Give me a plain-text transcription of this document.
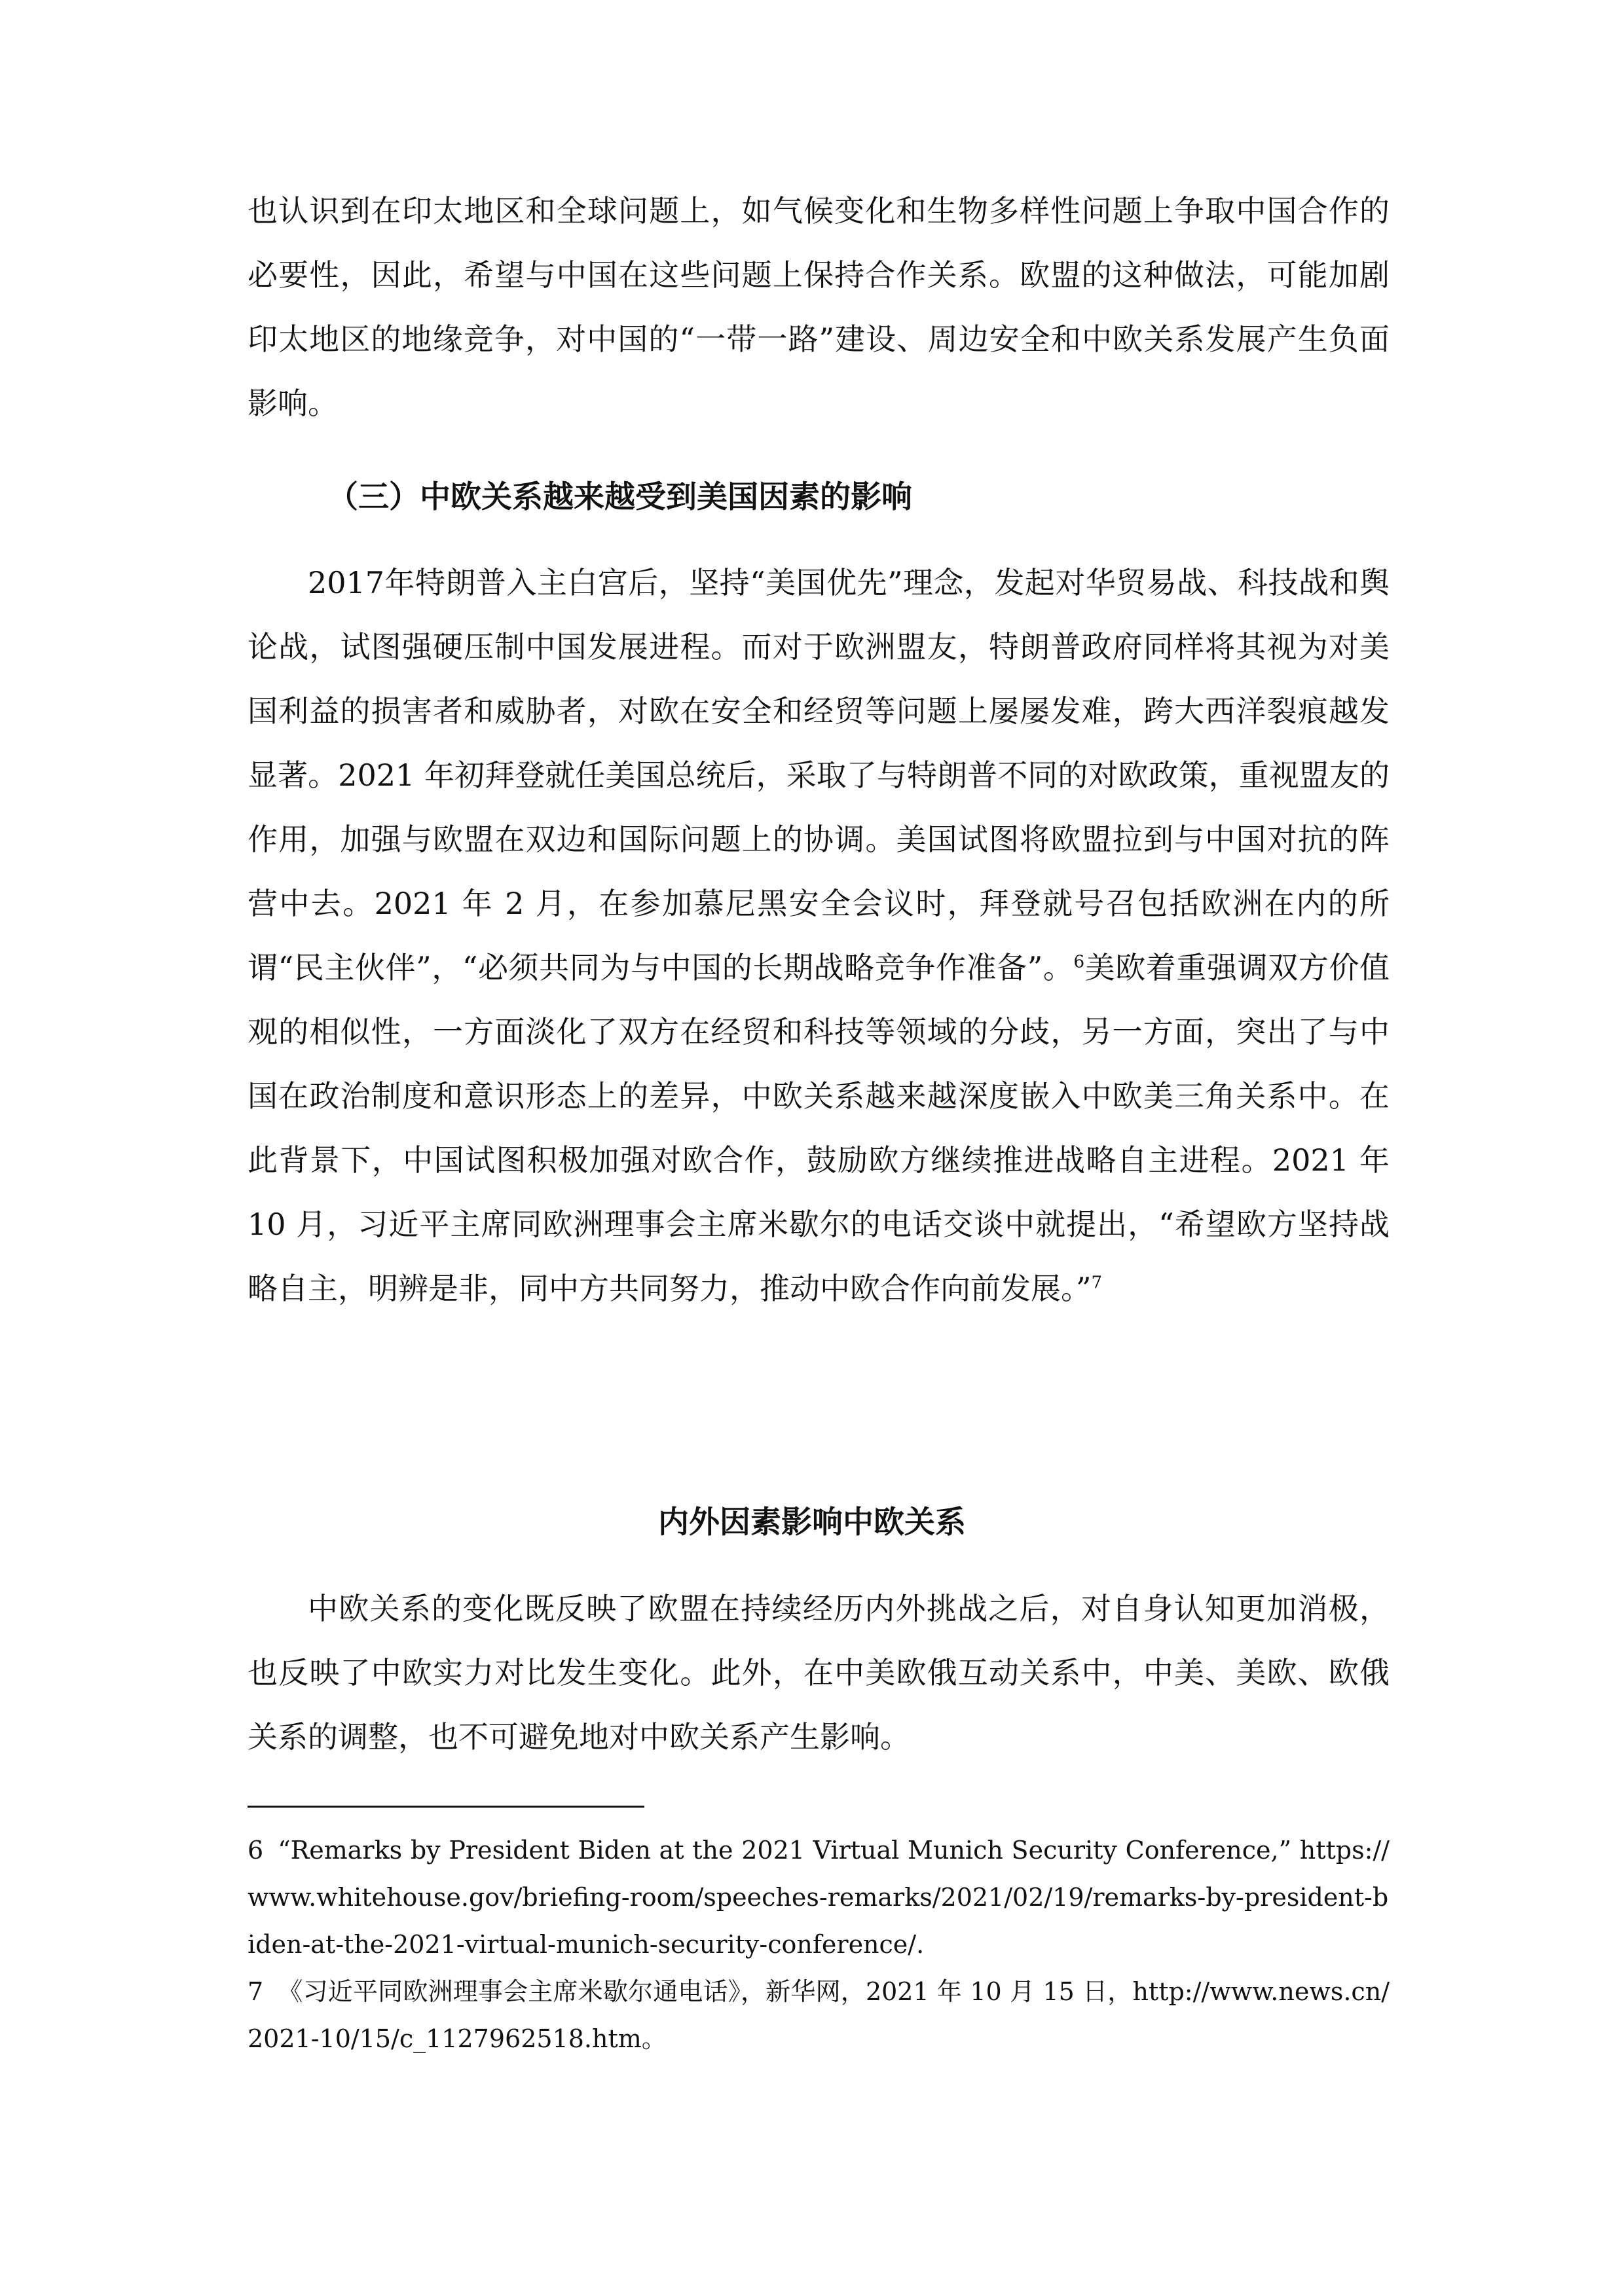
也认识到在印太地区和全球问题上，如气候变化和生物多样性问题上争取中国合作的必要性，因此，希望与中国在这些问题上保持合作关系。欧盟的这种做法，可能加剧印太地区的地缘竞争，对中国的“一带一路”建设、周边安全和中欧关系发展产生负面影响。

（三）中欧关系越来越受到美国因素的影响

2017年特朗普入主白宫后，坚持“美国优先”理念，发起对华贸易战、科技战和舆论战，试图强硬压制中国发展进程。而对于欧洲盟友，特朗普政府同样将其视为对美国利益的损害者和威胁者，对欧在安全和经贸等问题上屡屡发难，跨大西洋裂痕越发显著。2021 年初拜登就任美国总统后，采取了与特朗普不同的对欧政策，重视盟友的作用，加强与欧盟在双边和国际问题上的协调。美国试图将欧盟拉到与中国对抗的阵营中去。2021 年 2 月，在参加慕尼黑安全会议时，拜登就号召包括欧洲在内的所谓“民主伙伴”，“必须共同为与中国的长期战略竞争作准备”。$^6$美欧着重强调双方价值观的相似性，一方面淡化了双方在经贸和科技等领域的分歧，另一方面，突出了与中国在政治制度和意识形态上的差异，中欧关系越来越深度嵌入中欧美三角关系中。在此背景下，中国试图积极加强对欧合作，鼓励欧方继续推进战略自主进程。2021 年 10 月，习近平主席同欧洲理事会主席米歇尔的电话交谈中就提出，“希望欧方坚持战略自主，明辨是非，同中方共同努力，推动中欧合作向前发展。”$^7$

内外因素影响中欧关系

中欧关系的变化既反映了欧盟在持续经历内外挑战之后，对自身认知更加消极，也反映了中欧实力对比发生变化。此外，在中美欧俄互动关系中，中美、美欧、欧俄关系的调整，也不可避免地对中欧关系产生影响。

6 “Remarks by President Biden at the 2021 Virtual Munich Security Conference,” https://www.whitehouse.gov/briefing-room/speeches-remarks/2021/02/19/remarks-by-president-biden-at-the-2021-virtual-munich-security-conference/.

7 《习近平同欧洲理事会主席米歇尔通电话》，新华网，2021 年 10 月 15 日，http://www.news.cn/2021-10/15/c_1127962518.htm。
